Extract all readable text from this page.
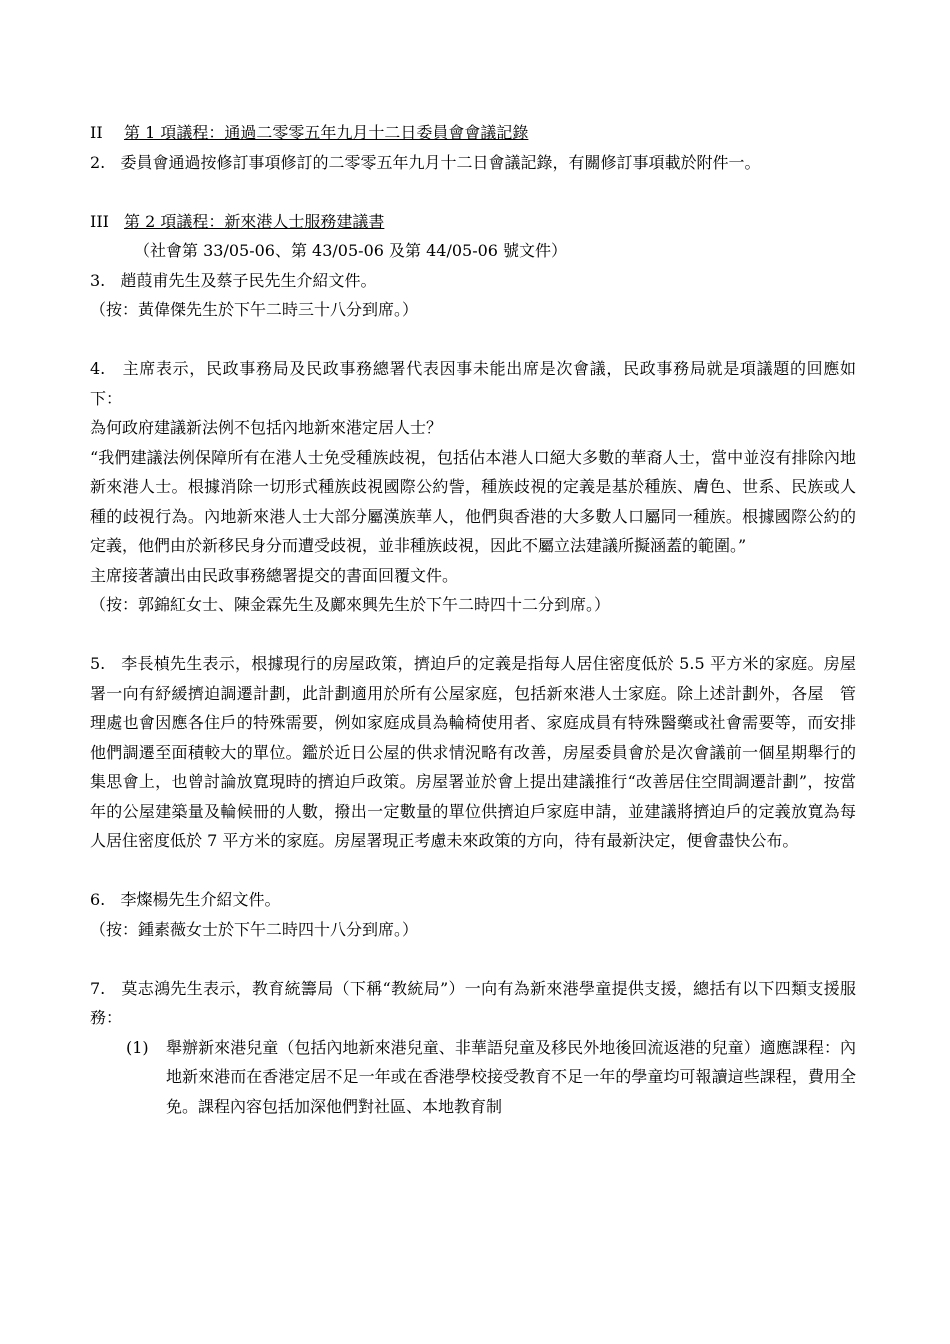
II 第 1 項議程：通過二零零五年九月十二日委員會會議記錄

2.   委員會通過按修訂事項修訂的二零零五年九月十二日會議記錄，有關修訂事項載於附件一。

III 第 2 項議程：新來港人士服務建議書

（社會第 33/05-06、第 43/05-06 及第 44/05-06 號文件）

3.   趙葭甫先生及蔡子民先生介紹文件。

（按：黃偉傑先生於下午二時三十八分到席。）

4.   主席表示，民政事務局及民政事務總署代表因事未能出席是次會議，民政事務局就是項議題的回應如下：

為何政府建議新法例不包括內地新來港定居人士？

“我們建議法例保障所有在港人士免受種族歧視，包括佔本港人口絕大多數的華裔人士，當中並沒有排除內地新來港人士。根據消除一切形式種族歧視國際公約訾，種族歧視的定義是基於種族、膚色、世系、民族或人種的歧視行為。內地新來港人士大部分屬漢族華人，他們與香港的大多數人口屬同一種族。根據國際公約的定義，他們由於新移民身分而遭受歧視，並非種族歧視，因此不屬立法建議所擬涵蓋的範圍。”

主席接著讀出由民政事務總署提交的書面回覆文件。

（按：郭錦紅女士、陳金霖先生及鄺來興先生於下午二時四十二分到席。）

5.   李長楨先生表示，根據現行的房屋政策，擠迫戶的定義是指每人居住密度低於 5.5 平方米的家庭。房屋署一向有紓緩擠迫調遷計劃，此計劃適用於所有公屋家庭，包括新來港人士家庭。除上述計劃外，各屋   管理處也會因應各住戶的特殊需要，例如家庭成員為輪椅使用者、家庭成員有特殊醫藥或社會需要等，而安排他們調遷至面積較大的單位。鑑於近日公屋的供求情況略有改善，房屋委員會於是次會議前一個星期舉行的集思會上，也曾討論放寬現時的擠迫戶政策。房屋署並於會上提出建議推行“改善居住空間調遷計劃”，按當年的公屋建築量及輪候冊的人數，撥出一定數量的單位供擠迫戶家庭申請，並建議將擠迫戶的定義放寬為每人居住密度低於 7 平方米的家庭。房屋署現正考慮未來政策的方向，待有最新決定，便會盡快公布。

6.   李燦楊先生介紹文件。

（按：鍾素薇女士於下午二時四十八分到席。）

7.   莫志鴻先生表示，教育統籌局（下稱“教統局”）一向有為新來港學童提供支援，總括有以下四類支援服務：

(1)	舉辦新來港兒童（包括內地新來港兒童、非華語兒童及移民外地後回流返港的兒童）適應課程：內地新來港而在香港定居不足一年或在香港學校接受教育不足一年的學童均可報讀這些課程，費用全免。課程內容包括加深他們對社區、本地教育制
